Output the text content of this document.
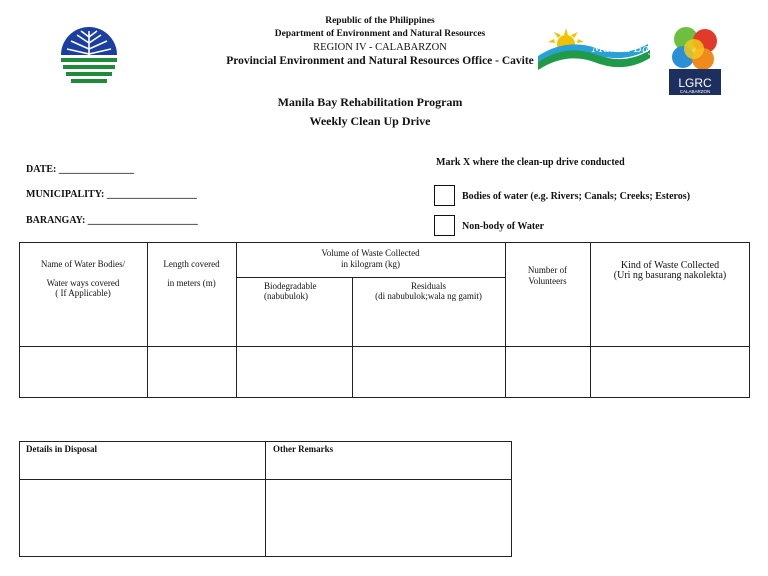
Republic of the Philippines
Department of Environment and Natural Resources
REGION IV - CALABARZON
Provincial Environment and Natural Resources Office - Cavite
Manila Bay
LGRC
CALABARZON
Manila Bay Rehabilitation Program
Weekly Clean Up Drive
DATE: _______________
MUNICIPALITY: __________________
BARANGAY: ______________________
Mark X where the clean-up drive conducted
Bodies of water (e.g. Rivers; Canals; Creeks; Esteros)
Non-body of Water
Name of Water Bodies/
Water ways covered
( If Applicable)
Length covered
in meters (m)
Volume of Waste Collected
in kilogram (kg)
Biodegradable
(nabubulok)
Residuals
(di nabubulok;wala ng gamit)
Number of
Volunteers
Kind of Waste Collected
(Uri ng basurang nakolekta)
Details in Disposal	Other Remarks
